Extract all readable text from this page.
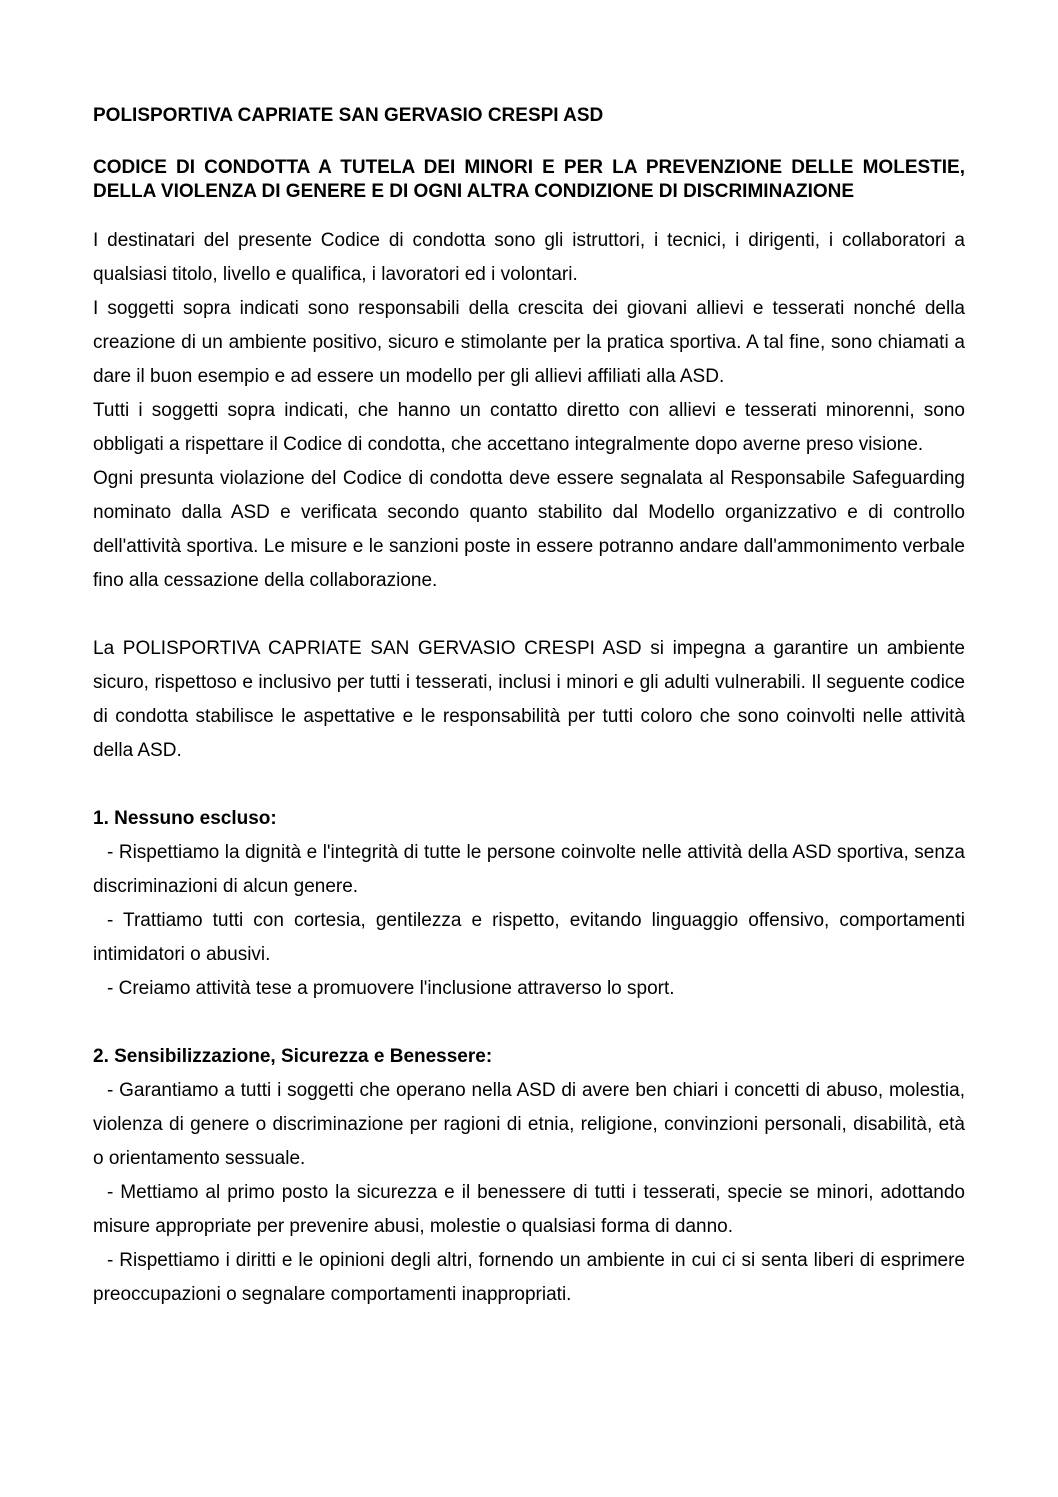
POLISPORTIVA CAPRIATE SAN GERVASIO CRESPI ASD

CODICE DI CONDOTTA A TUTELA DEI MINORI E PER LA PREVENZIONE DELLE MOLESTIE, DELLA VIOLENZA DI GENERE E DI OGNI ALTRA CONDIZIONE DI DISCRIMINAZIONE

I destinatari del presente Codice di condotta sono gli istruttori, i tecnici, i dirigenti, i collaboratori a qualsiasi titolo, livello e qualifica, i lavoratori ed i volontari.

I soggetti sopra indicati sono responsabili della crescita dei giovani allievi e tesserati nonché della creazione di un ambiente positivo, sicuro e stimolante per la pratica sportiva. A tal fine, sono chiamati a dare il buon esempio e ad essere un modello per gli allievi affiliati alla ASD.

Tutti i soggetti sopra indicati, che hanno un contatto diretto con allievi e tesserati minorenni, sono obbligati a rispettare il Codice di condotta, che accettano integralmente dopo averne preso visione.

Ogni presunta violazione del Codice di condotta deve essere segnalata al Responsabile Safeguarding nominato dalla ASD e verificata secondo quanto stabilito dal Modello organizzativo e di controllo dell'attività sportiva. Le misure e le sanzioni poste in essere potranno andare dall'ammonimento verbale fino alla cessazione della collaborazione.

La POLISPORTIVA CAPRIATE SAN GERVASIO CRESPI ASD si impegna a garantire un ambiente sicuro, rispettoso e inclusivo per tutti i tesserati, inclusi i minori e gli adulti vulnerabili. Il seguente codice di condotta stabilisce le aspettative e le responsabilità per tutti coloro che sono coinvolti nelle attività della ASD.

1. Nessuno escluso:

- Rispettiamo la dignità e l'integrità di tutte le persone coinvolte nelle attività della ASD sportiva, senza discriminazioni di alcun genere.

- Trattiamo tutti con cortesia, gentilezza e rispetto, evitando linguaggio offensivo, comportamenti intimidatori o abusivi.

- Creiamo attività tese a promuovere l'inclusione attraverso lo sport.

2. Sensibilizzazione, Sicurezza e Benessere:

- Garantiamo a tutti i soggetti che operano nella ASD di avere ben chiari i concetti di abuso, molestia, violenza di genere o discriminazione per ragioni di etnia, religione, convinzioni personali, disabilità, età o orientamento sessuale.

- Mettiamo al primo posto la sicurezza e il benessere di tutti i tesserati, specie se minori, adottando misure appropriate per prevenire abusi, molestie o qualsiasi forma di danno.

- Rispettiamo i diritti e le opinioni degli altri, fornendo un ambiente in cui ci si senta liberi di esprimere preoccupazioni o segnalare comportamenti inappropriati.
